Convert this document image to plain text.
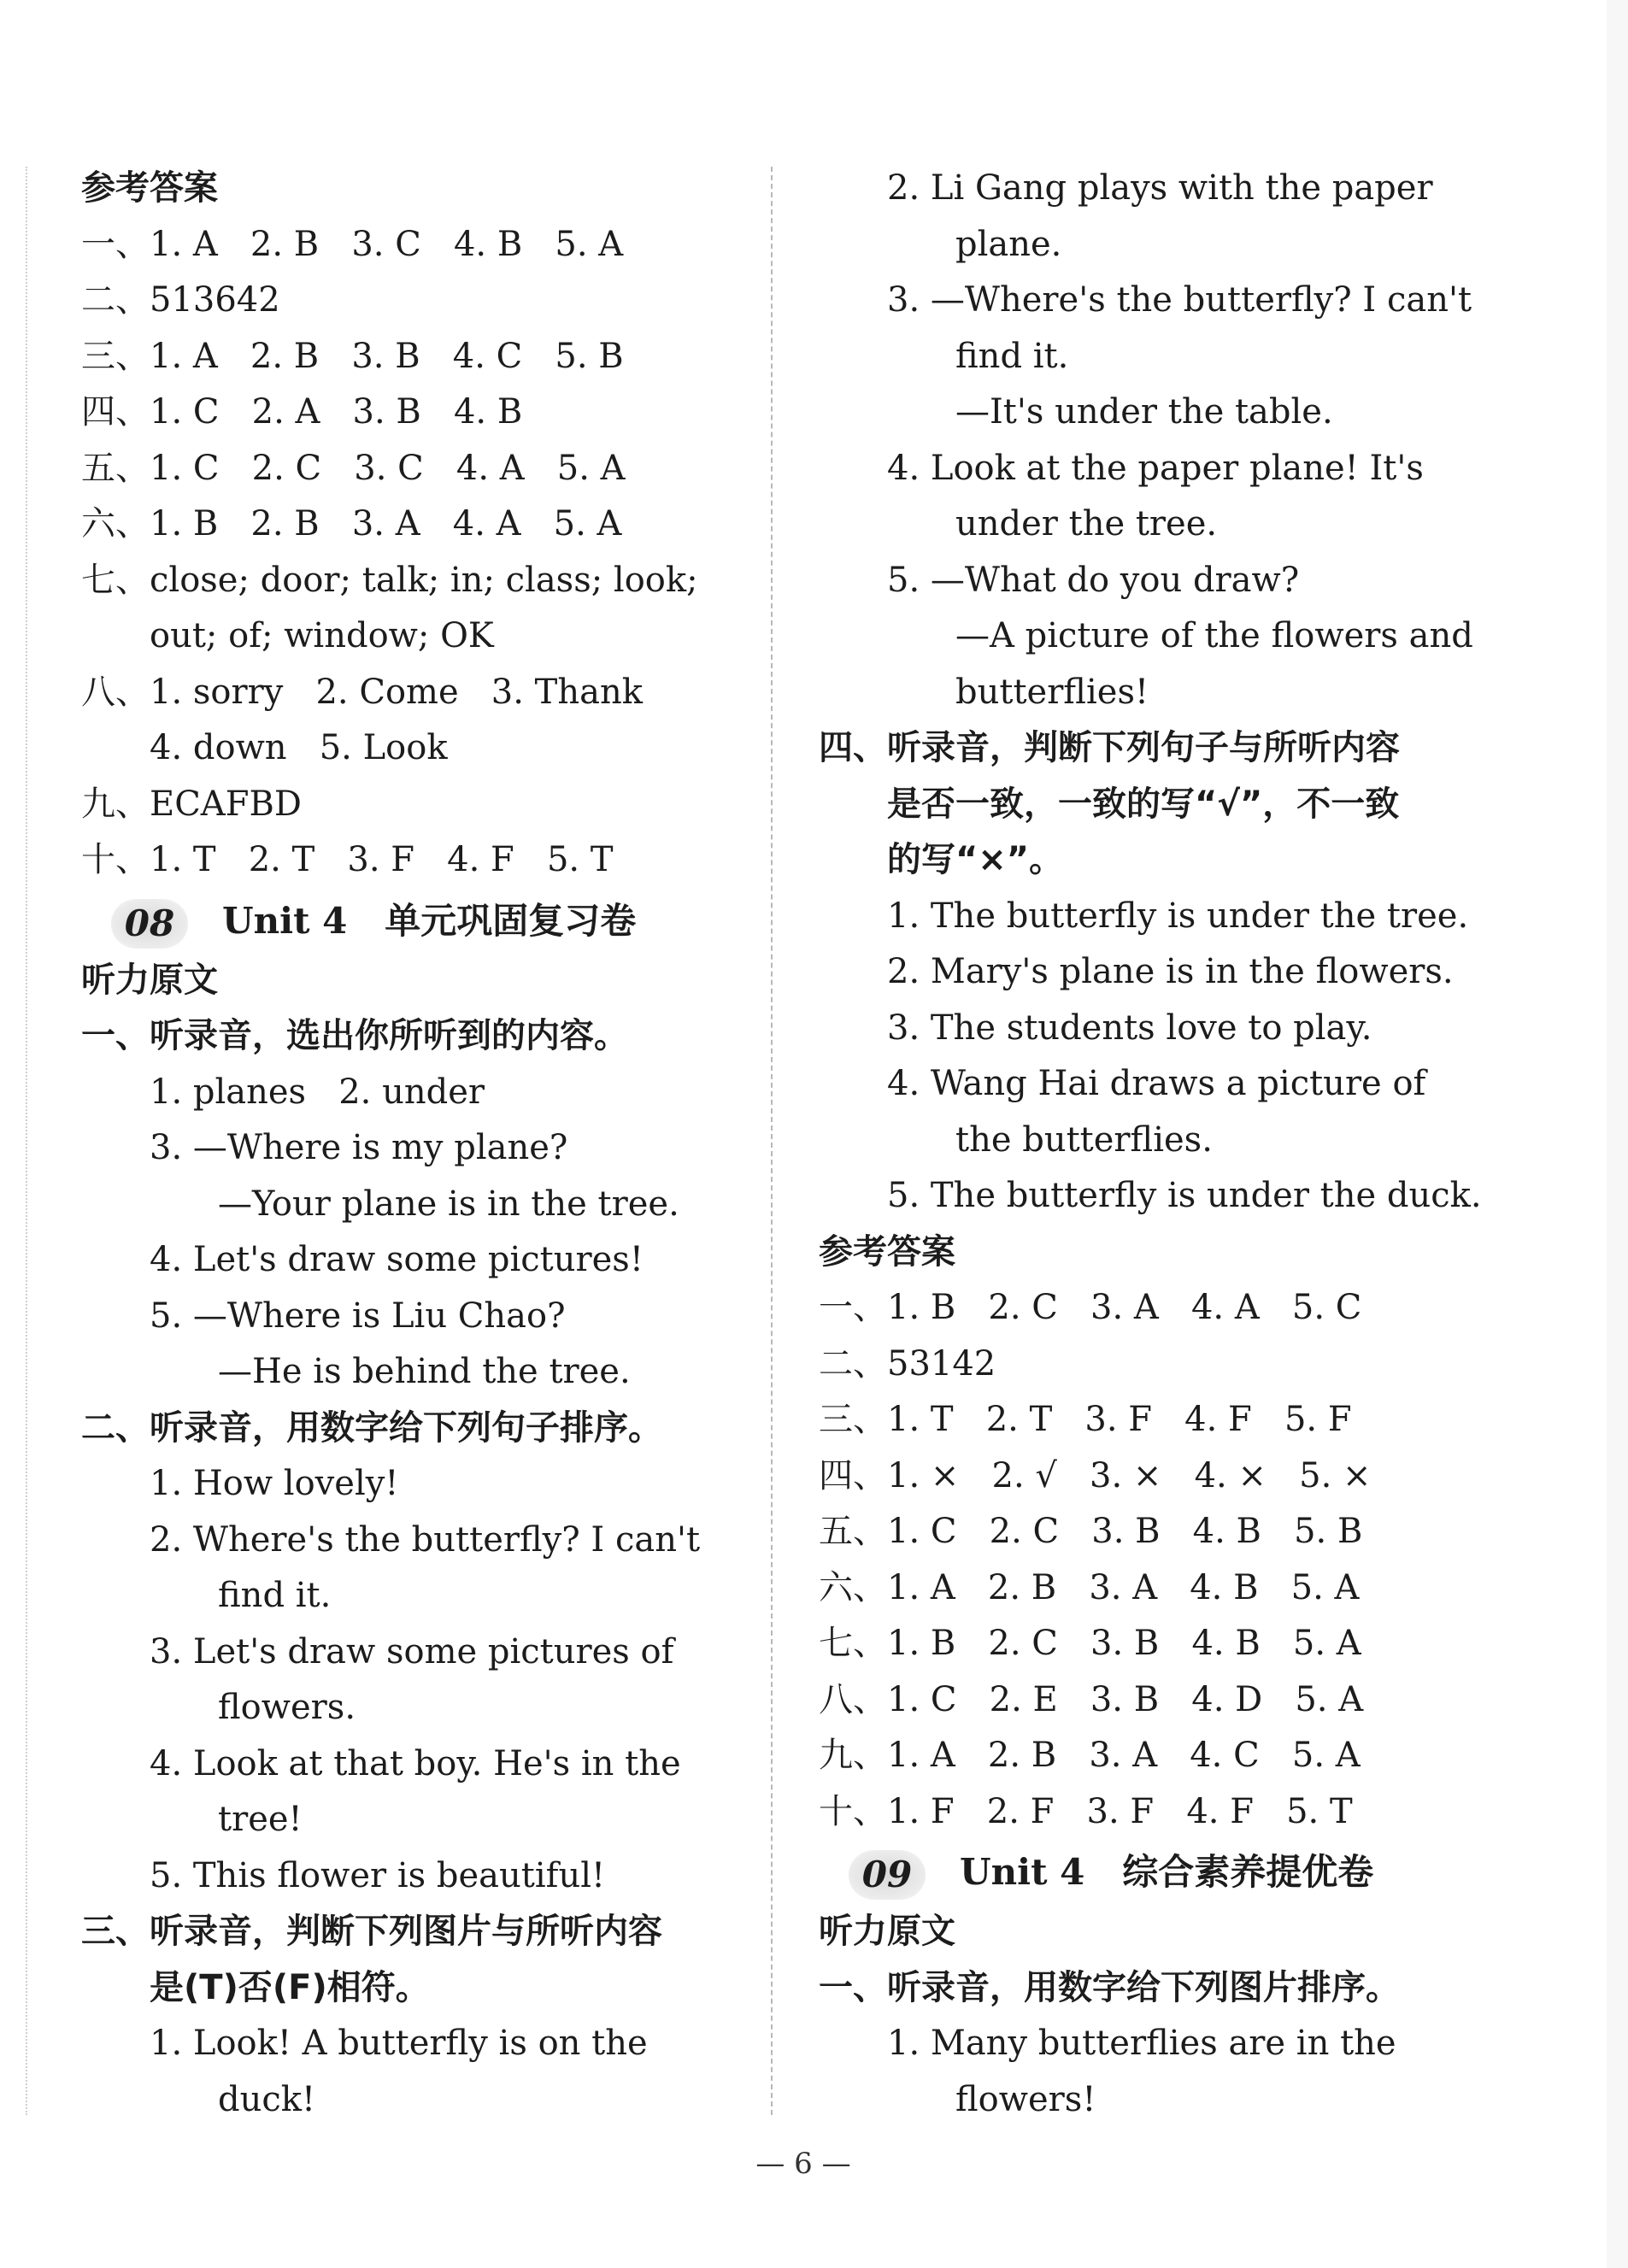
参考答案
一、1. A   2. B   3. C   4. B   5. A
二、513642
三、1. A   2. B   3. B   4. C   5. B
四、1. C   2. A   3. B   4. B
五、1. C   2. C   3. C   4. A   5. A
六、1. B   2. B   3. A   4. A   5. A
七、close; door; talk; in; class; look;
out; of; window; OK
八、1. sorry   2. Come   3. Thank
4. down   5. Look
九、ECAFBD
十、1. T   2. T   3. F   4. F   5. T
08 Unit 4 单元巩固复习卷
听力原文
一、听录音，选出你所听到的内容。
1. planes   2. under
3. —Where is my plane?
—Your plane is in the tree.
4. Let's draw some pictures!
5. —Where is Liu Chao?
—He is behind the tree.
二、听录音，用数字给下列句子排序。
1. How lovely!
2. Where's the butterfly? I can't
find it.
3. Let's draw some pictures of
flowers.
4. Look at that boy. He's in the
tree!
5. This flower is beautiful!
三、听录音，判断下列图片与所听内容
是(T)否(F)相符。
1. Look! A butterfly is on the
duck!
2. Li Gang plays with the paper
plane.
3. —Where's the butterfly? I can't
find it.
—It's under the table.
4. Look at the paper plane! It's
under the tree.
5. —What do you draw?
—A picture of the flowers and
butterflies!
四、听录音，判断下列句子与所听内容
是否一致，一致的写“√”，不一致
的写“×”。
1. The butterfly is under the tree.
2. Mary's plane is in the flowers.
3. The students love to play.
4. Wang Hai draws a picture of
the butterflies.
5. The butterfly is under the duck.
参考答案
一、1. B   2. C   3. A   4. A   5. C
二、53142
三、1. T   2. T   3. F   4. F   5. F
四、1. ×   2. √   3. ×   4. ×   5. ×
五、1. C   2. C   3. B   4. B   5. B
六、1. A   2. B   3. A   4. B   5. A
七、1. B   2. C   3. B   4. B   5. A
八、1. C   2. E   3. B   4. D   5. A
九、1. A   2. B   3. A   4. C   5. A
十、1. F   2. F   3. F   4. F   5. T
09 Unit 4 综合素养提优卷
听力原文
一、听录音，用数字给下列图片排序。
1. Many butterflies are in the
flowers!
— 6 —
